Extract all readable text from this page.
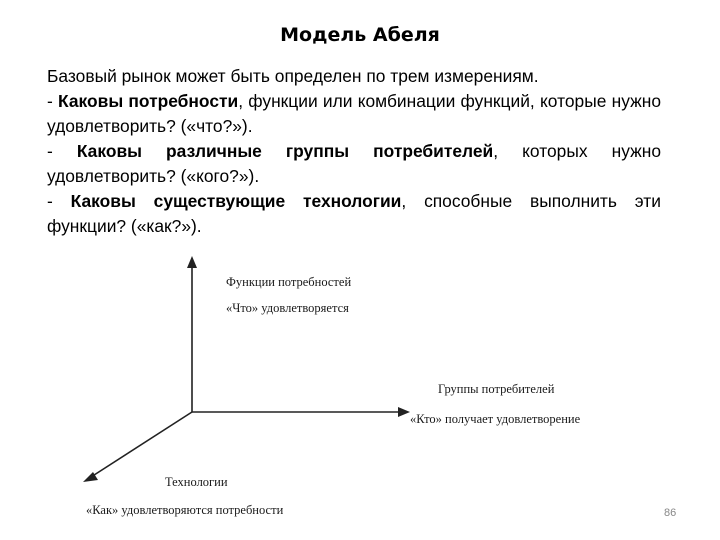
Модель Абеля

Базовый рынок может быть определен по трем измерениям.

- Каковы потребности, функции или комбинации функций, которые нужно удовлетворить? («что?»).

- Каковы различные группы потребителей, которых нужно удовлетворить? («кого?»).

- Каковы существующие технологии, способные выполнить эти функции? («как?»).

Функции потребностей
«Что» удовлетворяется
Группы потребителей
«Кто» получает удовлетворение
Технологии
«Как» удовлетворяются потребности	86
